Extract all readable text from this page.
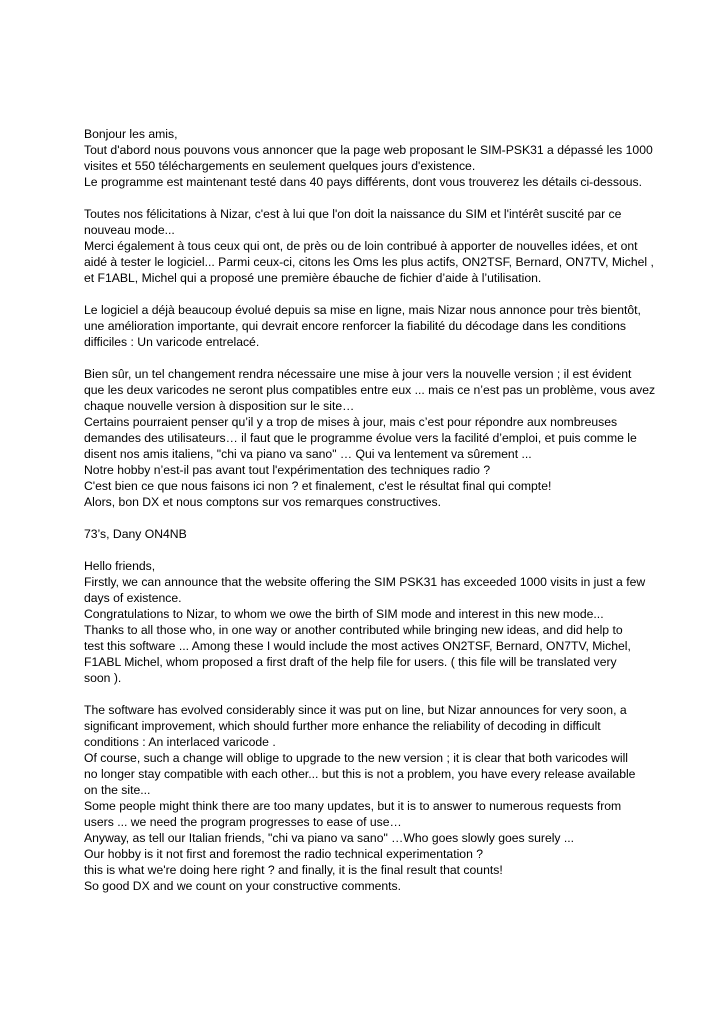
Bonjour les amis,
Tout d'abord nous pouvons vous annoncer que la page web proposant le SIM-PSK31 a dépassé les 1000
visites et 550 téléchargements en seulement quelques jours d'existence.
Le programme est maintenant testé dans 40 pays différents, dont vous trouverez les détails ci-dessous.
Toutes nos félicitations à Nizar, c'est à lui que l'on doit la naissance du SIM et l'intérêt suscité par ce
nouveau mode...
Merci également à tous ceux qui ont, de près ou de loin contribué à apporter de nouvelles idées, et ont
aidé à tester le logiciel... Parmi ceux-ci, citons les Oms les plus actifs, ON2TSF, Bernard, ON7TV, Michel ,
et F1ABL, Michel qui a proposé une première ébauche de fichier d’aide à l’utilisation.
Le logiciel a déjà beaucoup évolué depuis sa mise en ligne, mais Nizar nous annonce pour très bientôt,
une amélioration importante, qui devrait encore renforcer la fiabilité du décodage dans les conditions
difficiles : Un varicode entrelacé.
Bien sûr, un tel changement rendra nécessaire une mise à jour vers la nouvelle version ; il est évident
que les deux varicodes ne seront plus compatibles entre eux ... mais ce n’est pas un problème, vous avez
chaque nouvelle version à disposition sur le site…
Certains pourraient penser qu’il y a trop de mises à jour, mais c’est pour répondre aux nombreuses
demandes des utilisateurs… il faut que le programme évolue vers la facilité d’emploi, et puis comme le
disent nos amis italiens, "chi va piano va sano" … Qui va lentement va sûrement ...
Notre hobby n’est-il pas avant tout l'expérimentation des techniques radio ?
C'est bien ce que nous faisons ici non ? et finalement, c'est le résultat final qui compte!
Alors, bon DX et nous comptons sur vos remarques constructives.
73’s, Dany ON4NB
Hello friends,
Firstly, we can announce that the website offering the SIM PSK31 has exceeded 1000 visits in just a few
days of existence.
Congratulations to Nizar, to whom we owe the birth of SIM mode and interest in this new mode...
Thanks to all those who, in one way or another contributed while bringing new ideas, and did help to
test this software ... Among these I would include the most actives ON2TSF, Bernard, ON7TV, Michel,
F1ABL Michel, whom proposed a first draft of the help file for users. ( this file will be translated very
soon ).
The software has evolved considerably since it was put on line, but Nizar announces for very soon, a
significant improvement, which should further more enhance the reliability of decoding in difficult
conditions : An interlaced varicode .
Of course, such a change will oblige to upgrade to the new version ; it is clear that both varicodes will
no longer stay compatible with each other... but this is not a problem, you have every release available
on the site...
Some people might think there are too many updates, but it is to answer to numerous requests from
users ... we need the program progresses to ease of use…
Anyway, as tell our Italian friends, "chi va piano va sano" …Who goes slowly goes surely ...
Our hobby is it not first and foremost the radio technical experimentation ?
this is what we're doing here right ? and finally, it is the final result that counts!
So good DX and we count on your constructive comments.
